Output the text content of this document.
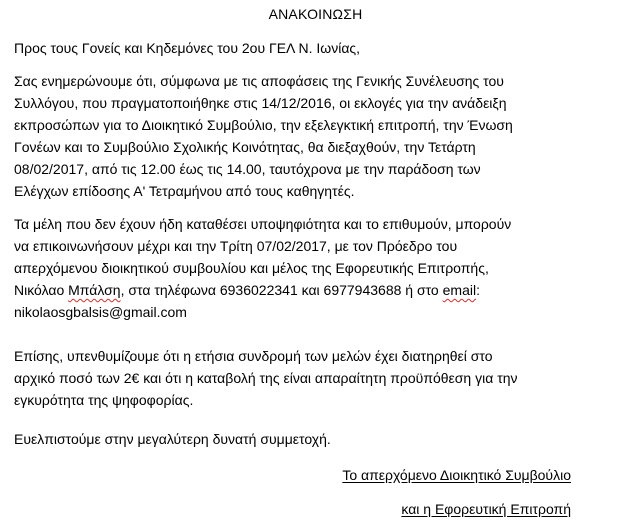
ΑΝΑΚΟΙΝΩΣΗ

Προς τους Γονείς και Κηδεμόνες του 2ου ΓΕΛ Ν. Ιωνίας,

Σας ενημερώνουμε ότι, σύμφωνα με τις αποφάσεις της Γενικής Συνέλευσης του
Συλλόγου, που πραγματοποιήθηκε στις 14/12/2016, οι εκλογές για την ανάδειξη
εκπροσώπων για το Διοικητικό Συμβούλιο, την εξελεγκτική επιτροπή, την Ένωση
Γονέων και το Συμβούλιο Σχολικής Κοινότητας, θα διεξαχθούν, την Τετάρτη
08/02/2017, από τις 12.00 έως τις 14.00, ταυτόχρονα με την παράδοση των
Ελέγχων επίδοσης Α' Τετραμήνου από τους καθηγητές.

Τα μέλη που δεν έχουν ήδη καταθέσει υποψηφιότητα και το επιθυμούν, μπορούν
να επικοινωνήσουν μέχρι και την Τρίτη 07/02/2017, με τον Πρόεδρο του
απερχόμενου διοικητικού συμβουλίου και μέλος της Εφορευτικής Επιτροπής,
Νικόλαο Μπάλση, στα τηλέφωνα 6936022341 και 6977943688 ή στο email:
nikolaosgbalsis@gmail.com

Επίσης, υπενθυμίζουμε ότι η ετήσια συνδρομή των μελών έχει διατηρηθεί στο
αρχικό ποσό των 2€ και ότι η καταβολή της είναι απαραίτητη προϋπόθεση για την
εγκυρότητα της ψηφοφορίας.

Ευελπιστούμε στην μεγαλύτερη δυνατή συμμετοχή.

Το απερχόμενο Διοικητικό Συμβούλιο
και η Εφορευτική Επιτροπή
